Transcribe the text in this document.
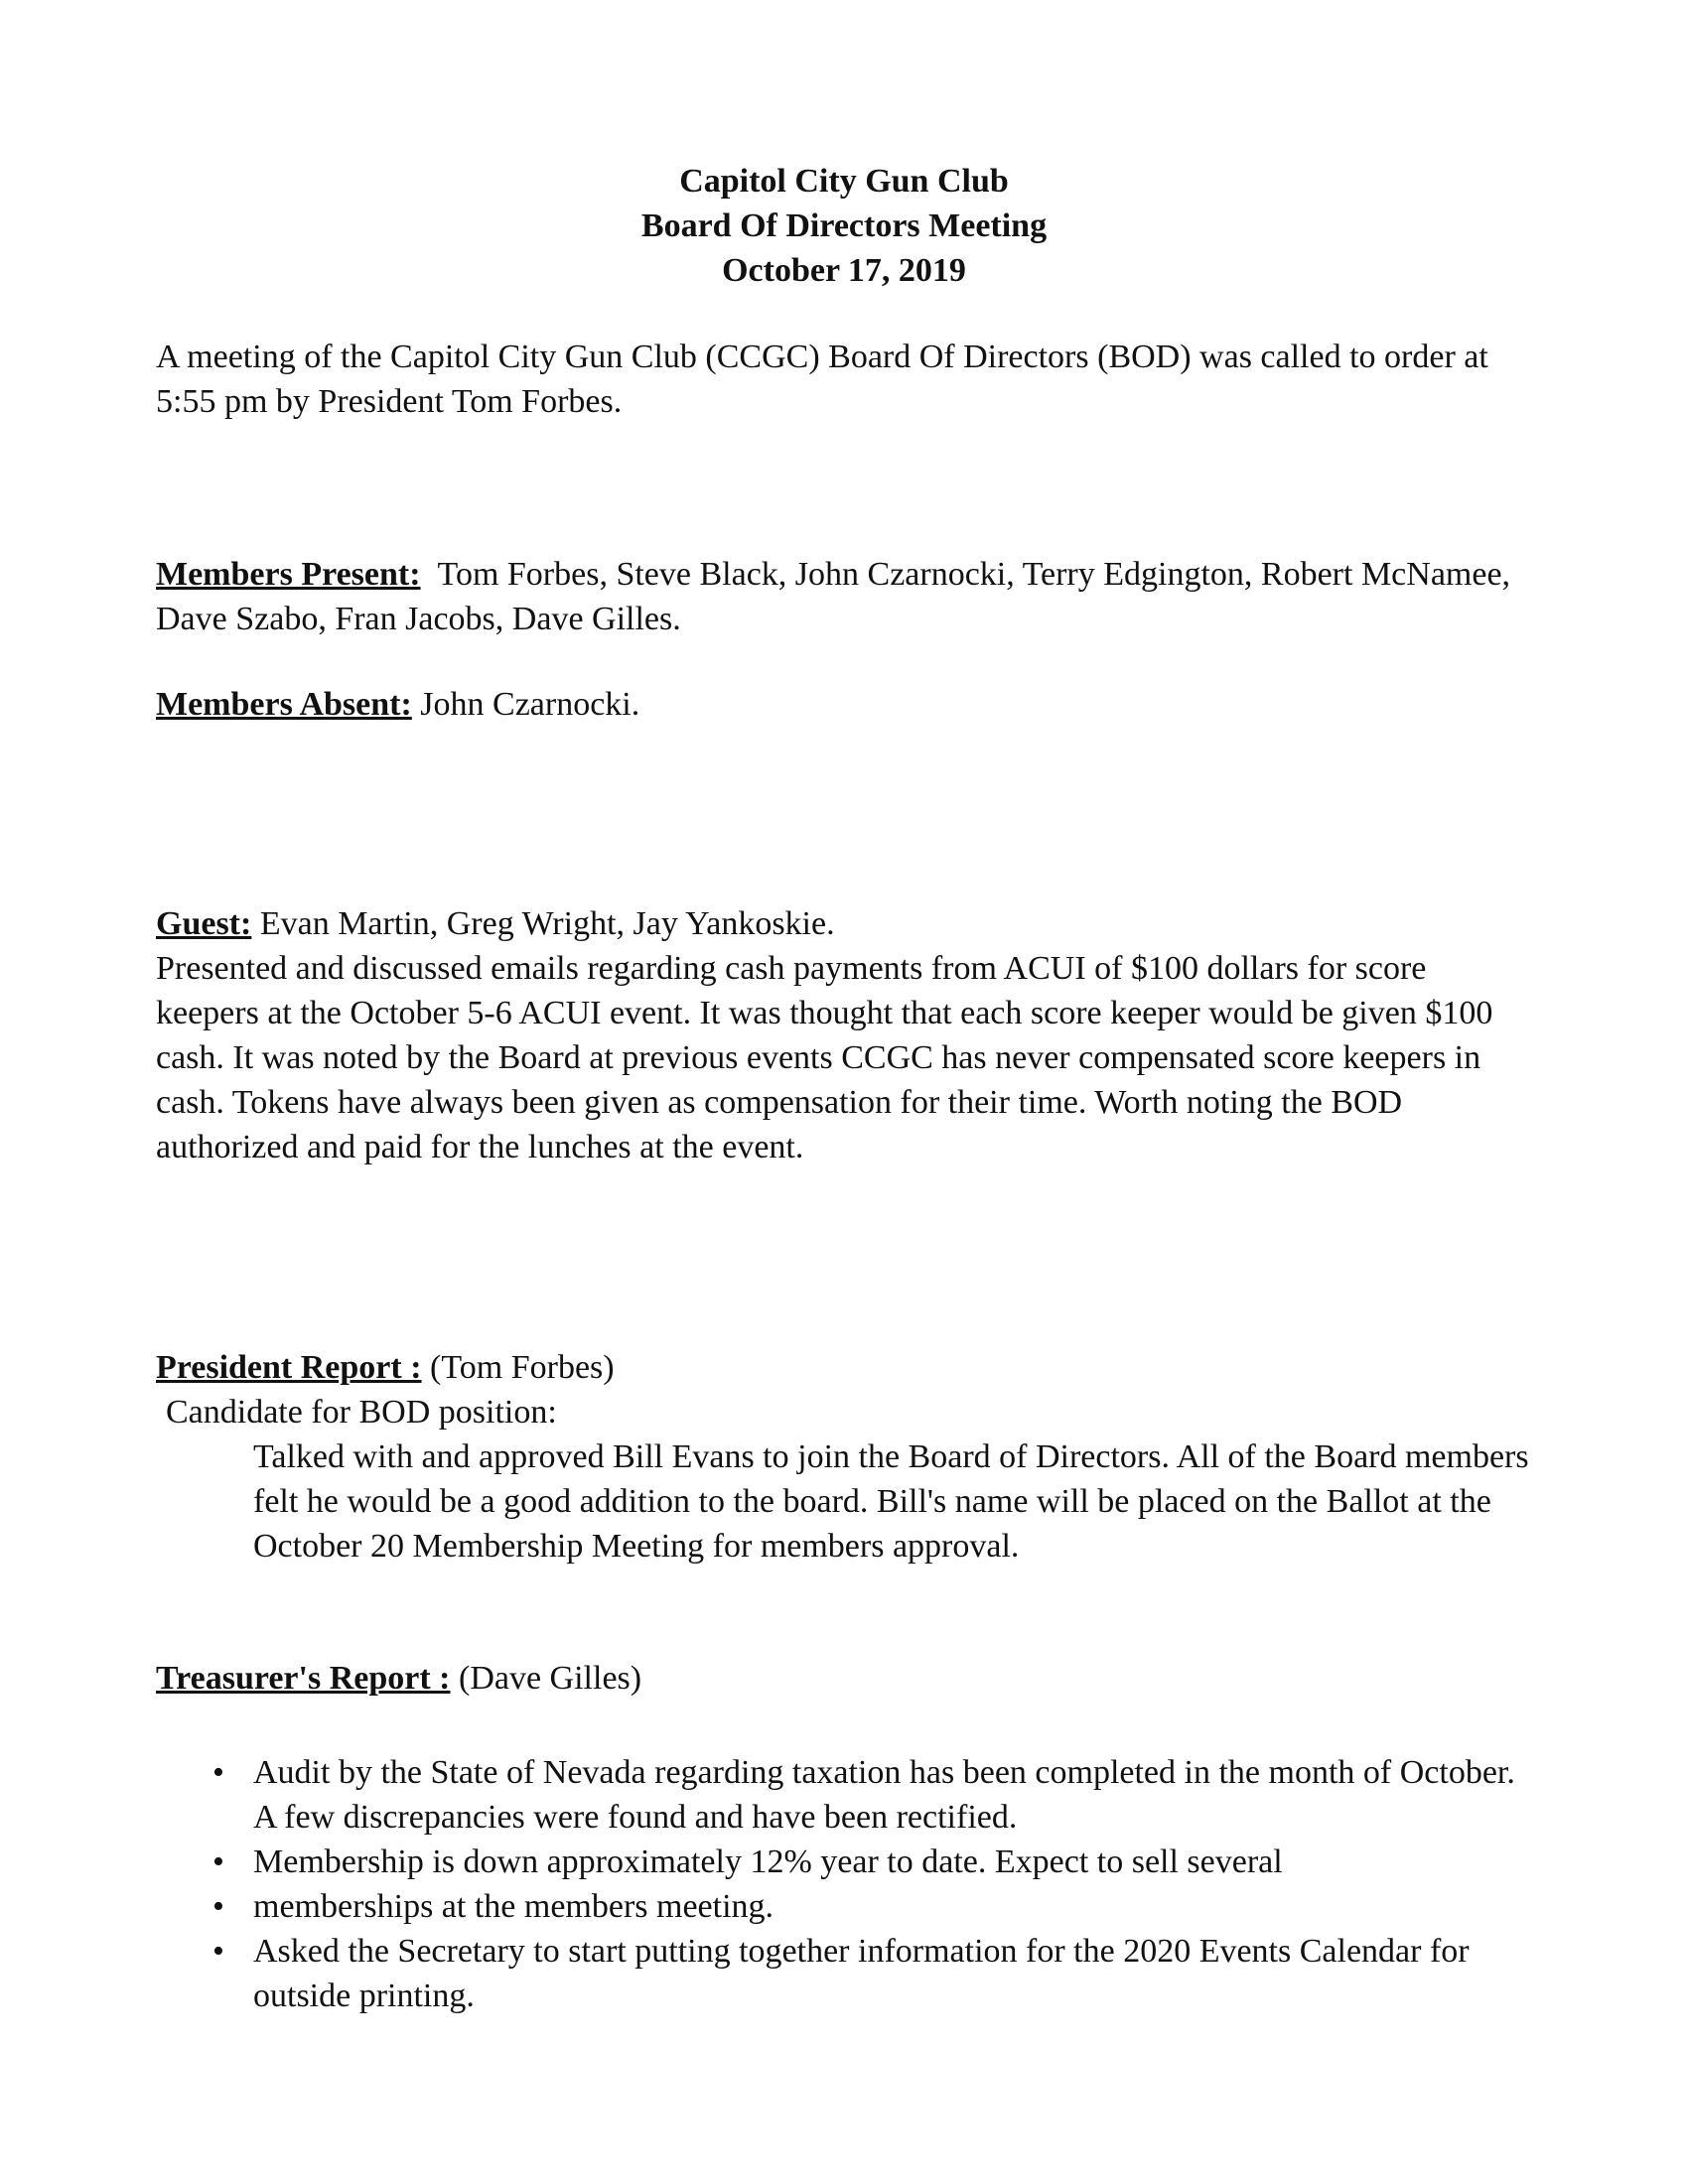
Capitol City Gun Club
Board Of Directors Meeting
October 17, 2019

A meeting of the Capitol City Gun Club (CCGC) Board Of Directors (BOD) was called to order at 5:55 pm by President Tom Forbes.

Members Present: Tom Forbes, Steve Black, John Czarnocki, Terry Edgington, Robert McNamee, Dave Szabo, Fran Jacobs, Dave Gilles.

Members Absent: John Czarnocki.

Guest: Evan Martin, Greg Wright, Jay Yankoskie.
Presented and discussed emails regarding cash payments from ACUI of $100 dollars for score keepers at the October 5-6 ACUI event. It was thought that each score keeper would be given $100 cash. It was noted by the Board at previous events CCGC has never compensated score keepers in cash. Tokens have always been given as compensation for their time. Worth noting the BOD authorized and paid for the lunches at the event.

President Report : (Tom Forbes)

Candidate for BOD position:
Talked with and approved Bill Evans to join the Board of Directors. All of the Board members felt he would be a good addition to the board. Bill's name will be placed on the Ballot at the October 20 Membership Meeting for members approval.

Treasurer's Report : (Dave Gilles)

• Audit by the State of Nevada regarding taxation has been completed in the month of October. A few discrepancies were found and have been rectified.
• Membership is down approximately 12% year to date. Expect to sell several
• memberships at the members meeting.
• Asked the Secretary to start putting together information for the 2020 Events Calendar for outside printing.
